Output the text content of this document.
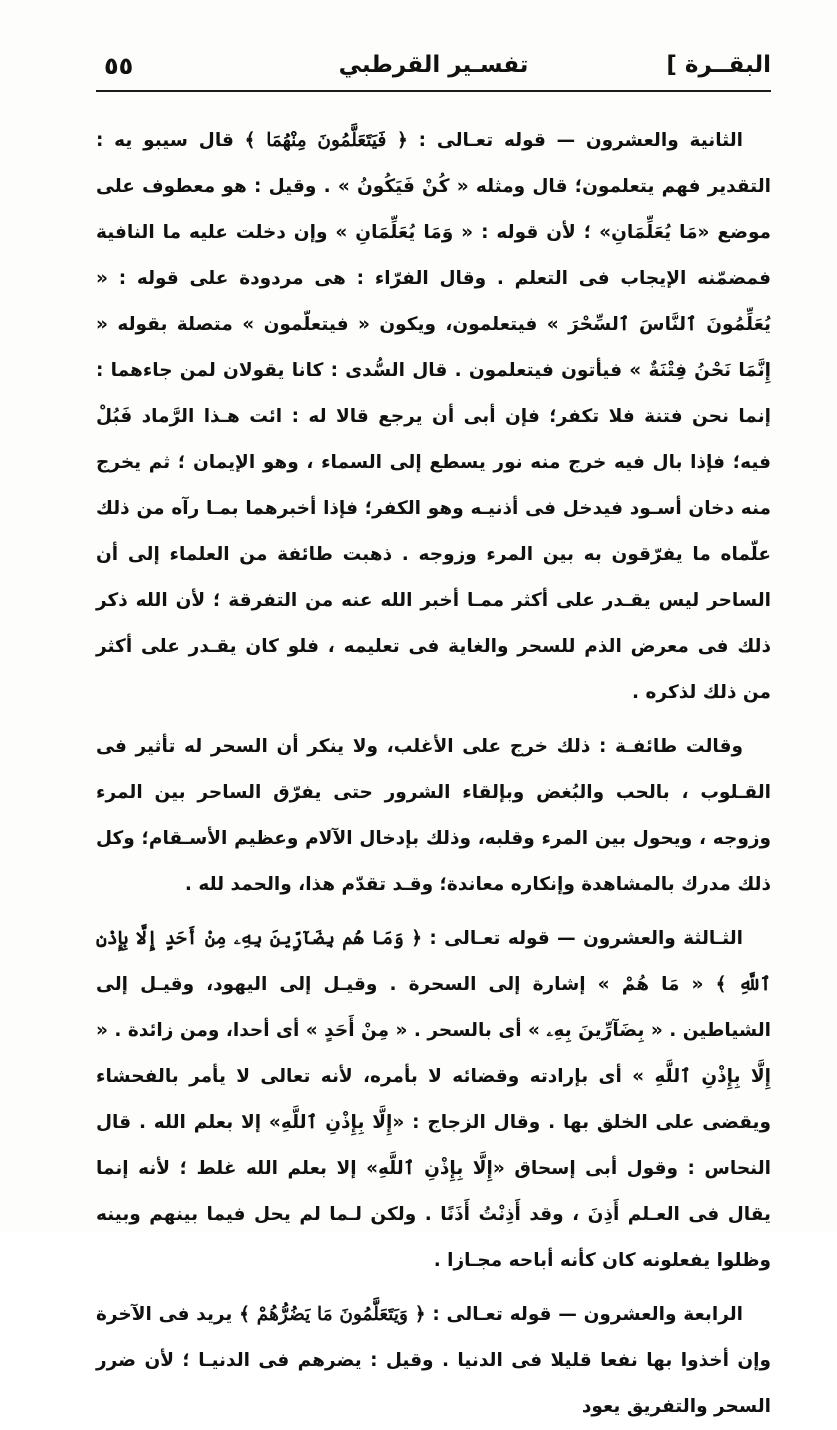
٥٥	تفسـير القرطبي	البقــرة ]

الثانية والعشرون — قوله تعـالى : ﴿ فَيَتَعَلَّمُونَ مِنْهُمَا ﴾ قال سيبو يه : التقدير فهم يتعلمون؛ قال ومثله « كُنْ فَيَكُونُ » . وقيل : هو معطوف على موضع «مَا يُعَلِّمَانِ» ؛ لأن قوله : « وَمَا يُعَلِّمَانِ » وإن دخلت عليه ما النافية فمضمّنه الإيجاب فى التعلم . وقال الفرّاء : هى مردودة على قوله : « يُعَلِّمُونَ ٱلنَّاسَ ٱلسِّحْرَ » فيتعلمون، ويكون « فيتعلّمون » متصلة بقوله « إِنَّمَا نَحْنُ فِتْنَةٌ » فيأتون فيتعلمون . قال السُّدى : كانا يقولان لمن جاءهما : إنما نحن فتنة فلا تكفر؛ فإن أبى أن يرجع قالا له : ائت هـذا الرَّماد فَبُلْ فيه؛ فإذا بال فيه خرج منه نور يسطع إلى السماء ، وهو الإيمان ؛ ثم يخرج منه دخان أسـود فيدخل فى أذنيـه وهو الكفر؛ فإذا أخبرهما بمـا رآه من ذلك علّماه ما يفرّقون به بين المرء وزوجه . ذهبت طائفة من العلماء إلى أن الساحر ليس يقـدر على أكثر ممـا أخبر الله عنه من التفرقة ؛ لأن الله ذكر ذلك فى معرض الذم للسحر والغاية فى تعليمه ، فلو كان يقـدر على أكثر من ذلك لذكره .

وقالت طائفـة : ذلك خرج على الأغلب، ولا ينكر أن السحر له تأثير فى القـلوب ، بالحب والبُغض وبإلقاء الشرور حتى يفرّق الساحر بين المرء وزوجه ، ويحول بين المرء وقلبه، وذلك بإدخال الآلام وعظيم الأسـقام؛ وكل ذلك مدرك بالمشاهدة وإنكاره معاندة؛ وقـد تقدّم هذا، والحمد لله .

الثـالثة والعشرون — قوله تعـالى : ﴿ وَمَا هُم بِضَآرِّينَ بِهِۦ مِنْ أَحَدٍ إِلَّا بِإِذْنِ ٱللَّهِ ﴾ « مَا هُمْ » إشارة إلى السحرة . وقيـل إلى اليهود، وقيـل إلى الشياطين . « بِضَآرِّينَ بِهِۦ » أى بالسحر . « مِنْ أَحَدٍ » أى أحدا، ومن زائدة . « إِلَّا بِإِذْنِ ٱللَّهِ » أى بإرادته وقضائه لا بأمره، لأنه تعالى لا يأمر بالفحشاء ويقضى على الخلق بها . وقال الزجاج : «إِلَّا بِإِذْنِ ٱللَّهِ» إلا بعلم الله . قال النحاس : وقول أبى إسحاق «إِلَّا بِإِذْنِ ٱللَّهِ» إلا بعلم الله غلط ؛ لأنه إنما يقال فى العـلم أَذِنَ ، وقد أَذِنْتُ أَذَنًا . ولكن لـما لم يحل فيما بينهم وبينه وظلوا يفعلونه كان كأنه أباحه مجـازا .

الرابعة والعشرون — قوله تعـالى : ﴿ وَيَتَعَلَّمُونَ مَا يَضُرُّهُمْ ﴾ يريد فى الآخرة وإن أخذوا بها نفعا قليلا فى الدنيا . وقيل : يضرهم فى الدنيـا ؛ لأن ضرر السحر والتفريق يعود
